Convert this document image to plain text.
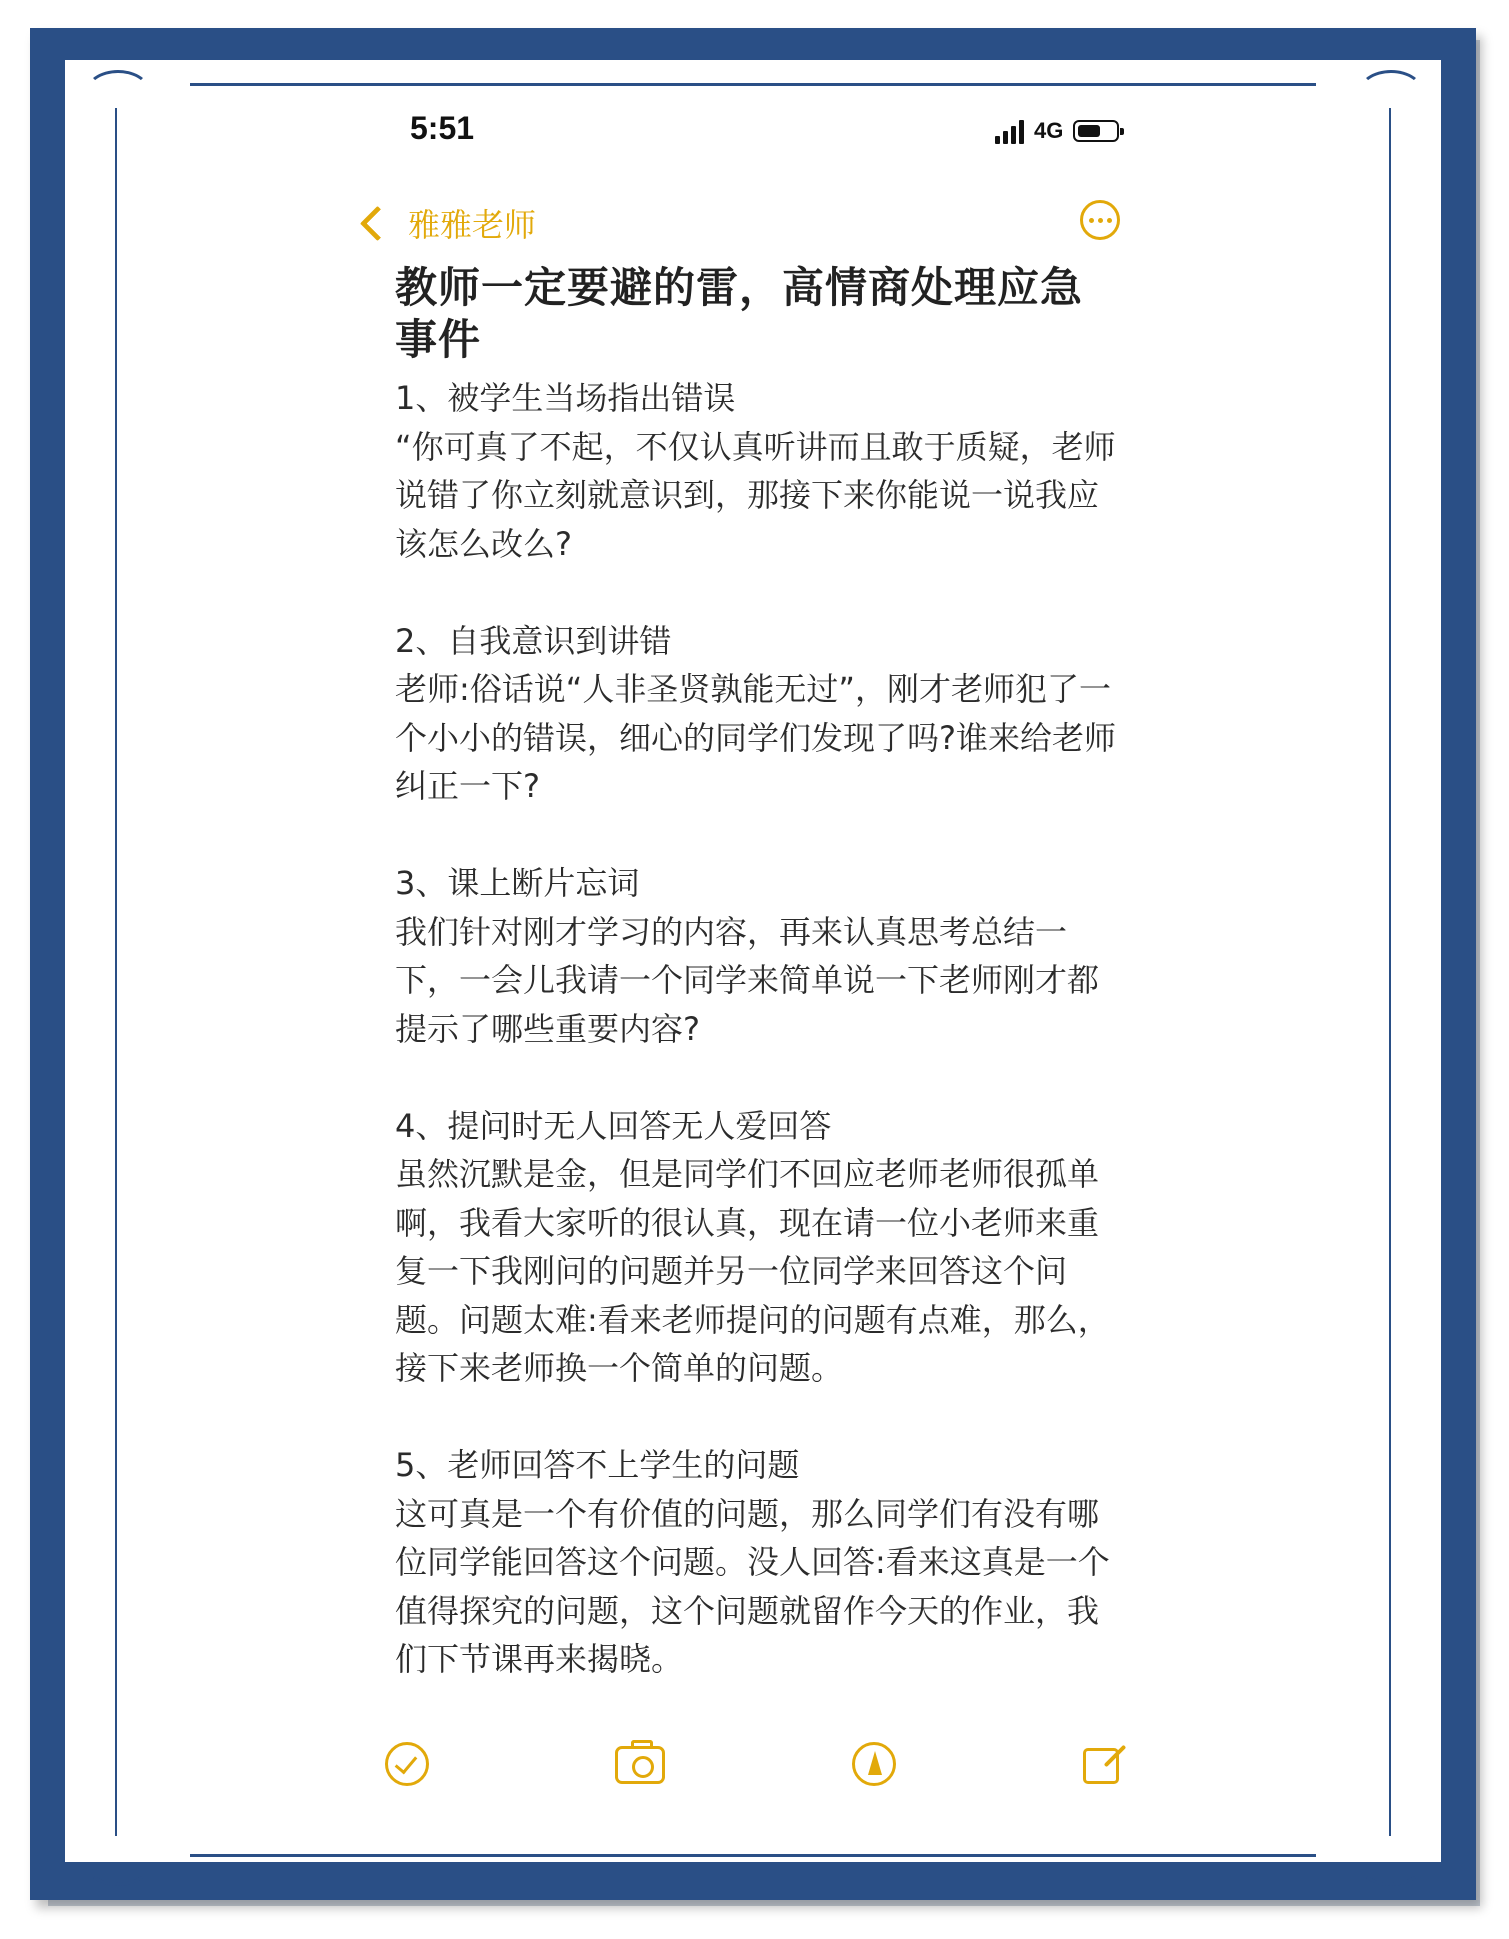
5:51	4G
雅雅老师
教师一定要避的雷，高情商处理应急事件
1、被学生当场指出错误
“你可真了不起，不仅认真听讲而且敢于质疑，老师说错了你立刻就意识到，那接下来你能说一说我应该怎么改么?
2、自我意识到讲错
老师:俗话说“人非圣贤孰能无过”，刚才老师犯了一个小小的错误，细心的同学们发现了吗?谁来给老师纠正一下?
3、课上断片忘词
我们针对刚才学习的内容，再来认真思考总结一下，一会儿我请一个同学来简单说一下老师刚才都提示了哪些重要内容?
4、提问时无人回答无人爱回答
虽然沉默是金，但是同学们不回应老师老师很孤单啊，我看大家听的很认真，现在请一位小老师来重复一下我刚问的问题并另一位同学来回答这个问题。问题太难:看来老师提问的问题有点难，那么，接下来老师换一个简单的问题。
5、老师回答不上学生的问题
这可真是一个有价值的问题，那么同学们有没有哪位同学能回答这个问题。没人回答:看来这真是一个值得探究的问题，这个问题就留作今天的作业，我们下节课再来揭晓。
